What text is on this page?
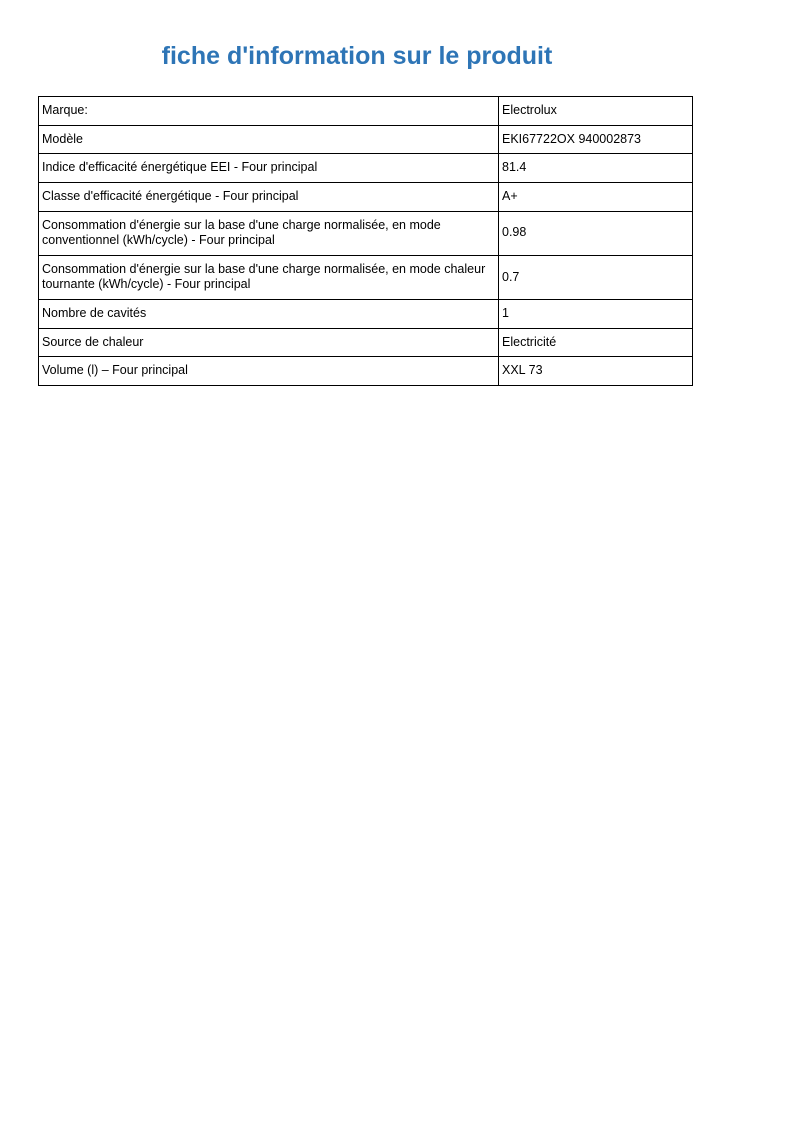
fiche d'information sur le produit
Marque:	Electrolux
Modèle	EKI67722OX 940002873
Indice d'efficacité énergétique EEI - Four principal	81.4
Classe d'efficacité énergétique - Four principal	A+
Consommation d'énergie sur la base d'une charge normalisée, en mode conventionnel (kWh/cycle) - Four principal	0.98
Consommation d'énergie sur la base d'une charge normalisée, en mode chaleur tournante (kWh/cycle) - Four principal	0.7
Nombre de cavités	1
Source de chaleur	Electricité
Volume (l) – Four principal	XXL 73
